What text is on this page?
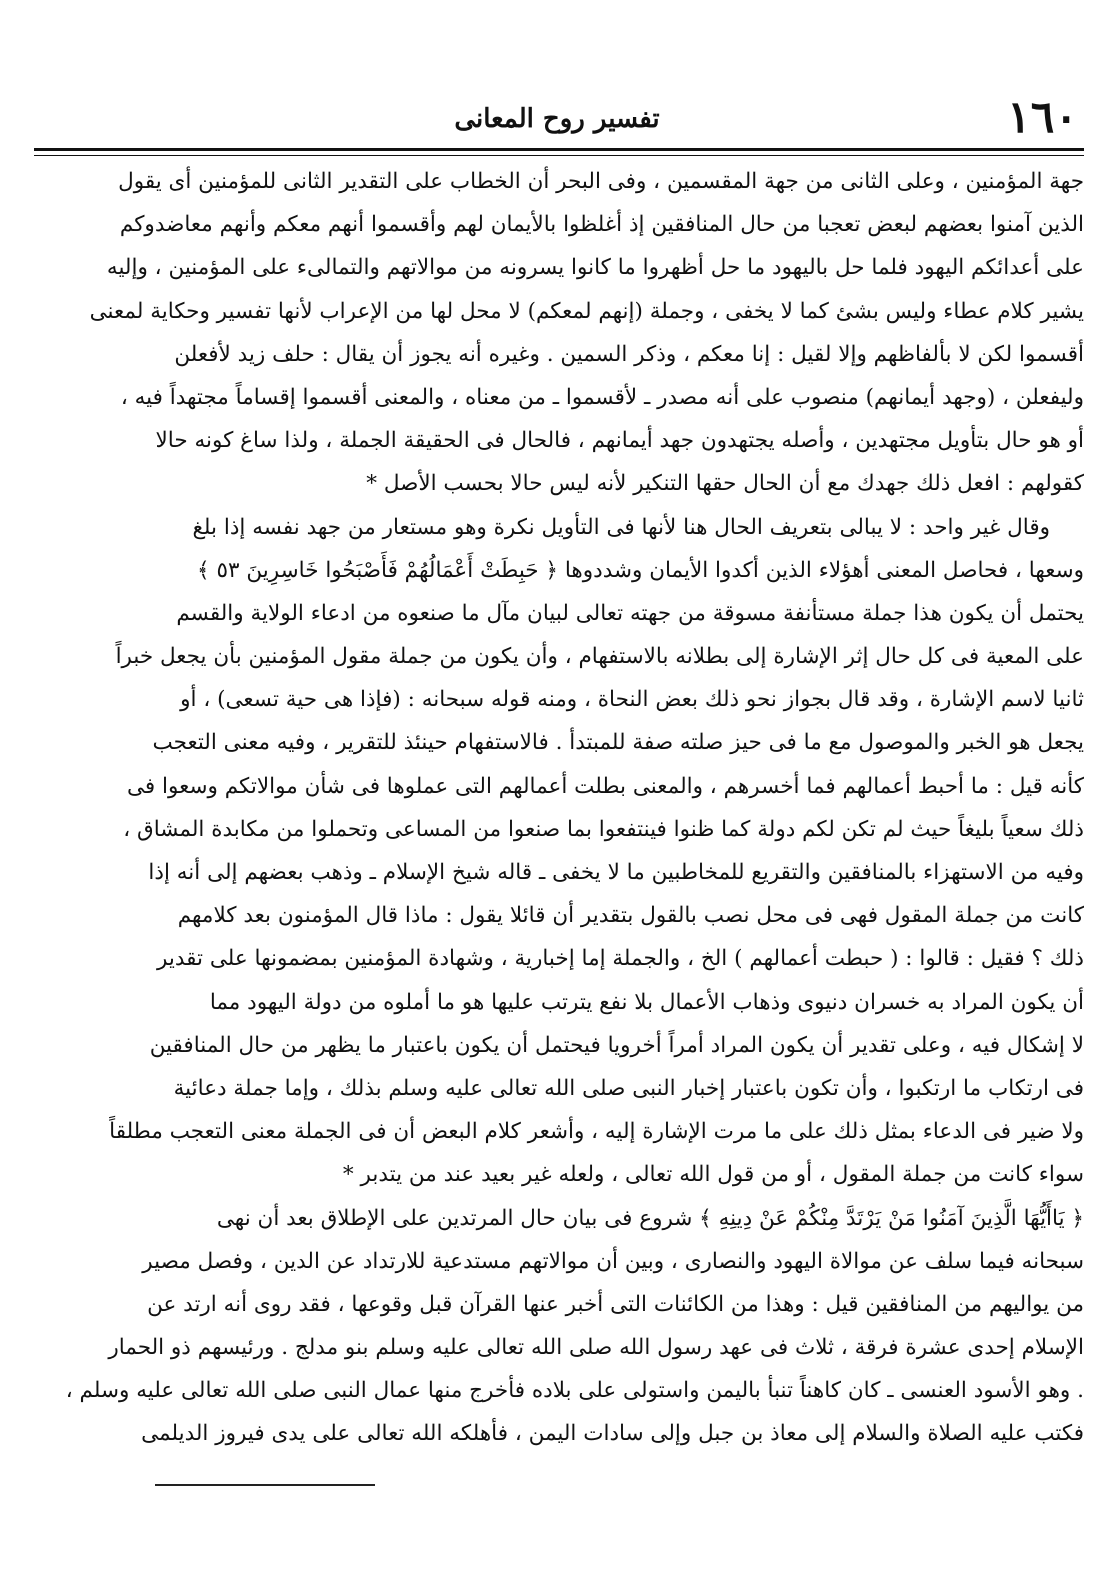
١٦٠
تفسير روح المعانى
جهة المؤمنين ، وعلى الثانى من جهة المقسمين ، وفى البحر أن الخطاب على التقدير الثانى للمؤمنين أى يقول
الذين آمنوا بعضهم لبعض تعجبا من حال المنافقين إذ أغلظوا بالأيمان لهم وأقسموا أنهم معكم وأنهم معاضدوكم
على أعدائكم اليهود فلما حل باليهود ما حل أظهروا ما كانوا يسرونه من موالاتهم والتمالىء على المؤمنين ، وإليه
يشير كلام عطاء وليس بشئ كما لا يخفى ، وجملة (إنهم لمعكم) لا محل لها من الإعراب لأنها تفسير وحكاية لمعنى
أقسموا لكن لا بألفاظهم وإلا لقيل : إنا معكم ، وذكر السمين . وغيره أنه يجوز أن يقال : حلف زيد لأفعلن
وليفعلن ، (وجهد أيمانهم) منصوب على أنه مصدر ـ لأقسموا ـ من معناه ، والمعنى أقسموا إقساماً مجتهداً فيه ،
أو هو حال بتأويل مجتهدين ، وأصله يجتهدون جهد أيمانهم ، فالحال فى الحقيقة الجملة ، ولذا ساغ كونه حالا
كقولهم : افعل ذلك جهدك مع أن الحال حقها التنكير لأنه ليس حالا بحسب الأصل *
وقال غير واحد : لا يبالى بتعريف الحال هنا لأنها فى التأويل نكرة وهو مستعار من جهد نفسه إذا بلغ
وسعها ، فحاصل المعنى أهؤلاء الذين أكدوا الأيمان وشددوها ﴿ حَبِطَتْ أَعْمَالُهُمْ فَأَصْبَحُوا خَاسِرِينَ ٥٣ ﴾
يحتمل أن يكون هذا جملة مستأنفة مسوقة من جهته تعالى لبيان مآل ما صنعوه من ادعاء الولاية والقسم
على المعية فى كل حال إثر الإشارة إلى بطلانه بالاستفهام ، وأن يكون من جملة مقول المؤمنين بأن يجعل خبراً
ثانيا لاسم الإشارة ، وقد قال بجواز نحو ذلك بعض النحاة ، ومنه قوله سبحانه : (فإذا هى حية تسعى) ، أو
يجعل هو الخبر والموصول مع ما فى حيز صلته صفة للمبتدأ . فالاستفهام حينئذ للتقرير ، وفيه معنى التعجب
كأنه قيل : ما أحبط أعمالهم فما أخسرهم ، والمعنى بطلت أعمالهم التى عملوها فى شأن موالاتكم وسعوا فى
ذلك سعياً بليغاً حيث لم تكن لكم دولة كما ظنوا فينتفعوا بما صنعوا من المساعى وتحملوا من مكابدة المشاق ،
وفيه من الاستهزاء بالمنافقين والتقريع للمخاطبين ما لا يخفى ـ قاله شيخ الإسلام ـ وذهب بعضهم إلى أنه إذا
كانت من جملة المقول فهى فى محل نصب بالقول بتقدير أن قائلا يقول : ماذا قال المؤمنون بعد كلامهم
ذلك ؟ فقيل : قالوا : ( حبطت أعمالهم ) الخ ، والجملة إما إخبارية ، وشهادة المؤمنين بمضمونها على تقدير
أن يكون المراد به خسران دنيوى وذهاب الأعمال بلا نفع يترتب عليها هو ما أملوه من دولة اليهود مما
لا إشكال فيه ، وعلى تقدير أن يكون المراد أمراً أخرويا فيحتمل أن يكون باعتبار ما يظهر من حال المنافقين
فى ارتكاب ما ارتكبوا ، وأن تكون باعتبار إخبار النبى صلى الله تعالى عليه وسلم بذلك ، وإما جملة دعائية
ولا ضير فى الدعاء بمثل ذلك على ما مرت الإشارة إليه ، وأشعر كلام البعض أن فى الجملة معنى التعجب مطلقاً
سواء كانت من جملة المقول ، أو من قول الله تعالى ، ولعله غير بعيد عند من يتدبر *
﴿ يَاأَيُّهَا الَّذِينَ آمَنُوا مَنْ يَرْتَدَّ مِنْكُمْ عَنْ دِينِهِ ﴾ شروع فى بيان حال المرتدين على الإطلاق بعد أن نهى
سبحانه فيما سلف عن موالاة اليهود والنصارى ، وبين أن موالاتهم مستدعية للارتداد عن الدين ، وفصل مصير
من يواليهم من المنافقين قيل : وهذا من الكائنات التى أخبر عنها القرآن قبل وقوعها ، فقد روى أنه ارتد عن
الإسلام إحدى عشرة فرقة ، ثلاث فى عهد رسول الله صلى الله تعالى عليه وسلم بنو مدلج . ورئيسهم ذو الحمار
. وهو الأسود العنسى ـ كان كاهناً تنبأ باليمن واستولى على بلاده فأخرج منها عمال النبى صلى الله تعالى عليه وسلم ،
فكتب عليه الصلاة والسلام إلى معاذ بن جبل وإلى سادات اليمن ، فأهلكه الله تعالى على يدى فيروز الديلمى
